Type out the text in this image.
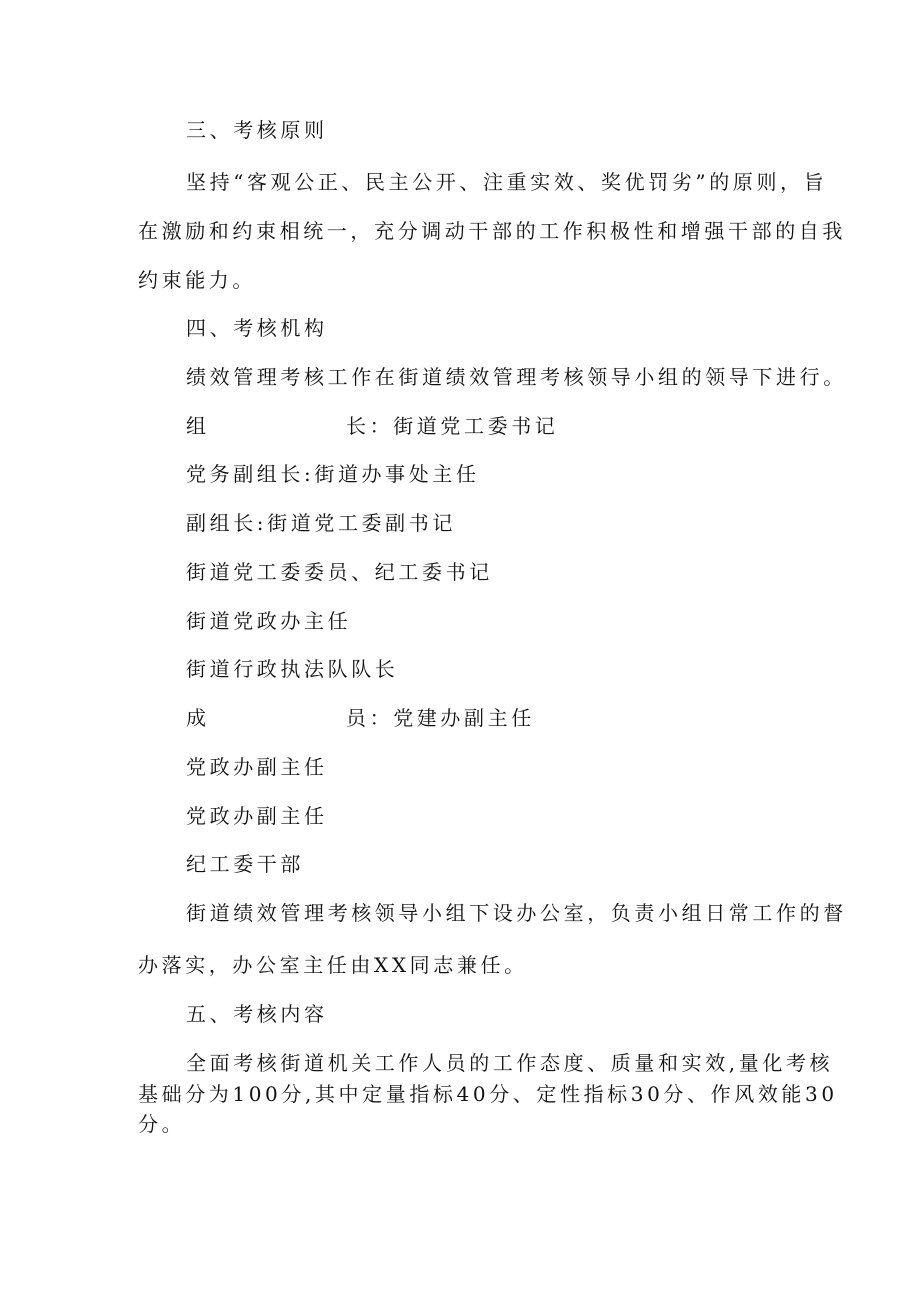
三、考核原则
坚持“客观公正、民主公开、注重实效、奖优罚劣”的原则，旨
在激励和约束相统一，充分调动干部的工作积极性和增强干部的自我
约束能力。
四、考核机构
绩效管理考核工作在街道绩效管理考核领导小组的领导下进行。
组	长：街道党工委书记
党务副组长:街道办事处主任
副组长:街道党工委副书记
街道党工委委员、纪工委书记
街道党政办主任
街道行政执法队队长
成	员：党建办副主任
党政办副主任
党政办副主任
纪工委干部
街道绩效管理考核领导小组下设办公室，负责小组日常工作的督
办落实，办公室主任由XX同志兼任。
五、考核内容
全面考核街道机关工作人员的工作态度、质量和实效,量化考核
基础分为100分,其中定量指标40分、定性指标30分、作风效能30
分。
